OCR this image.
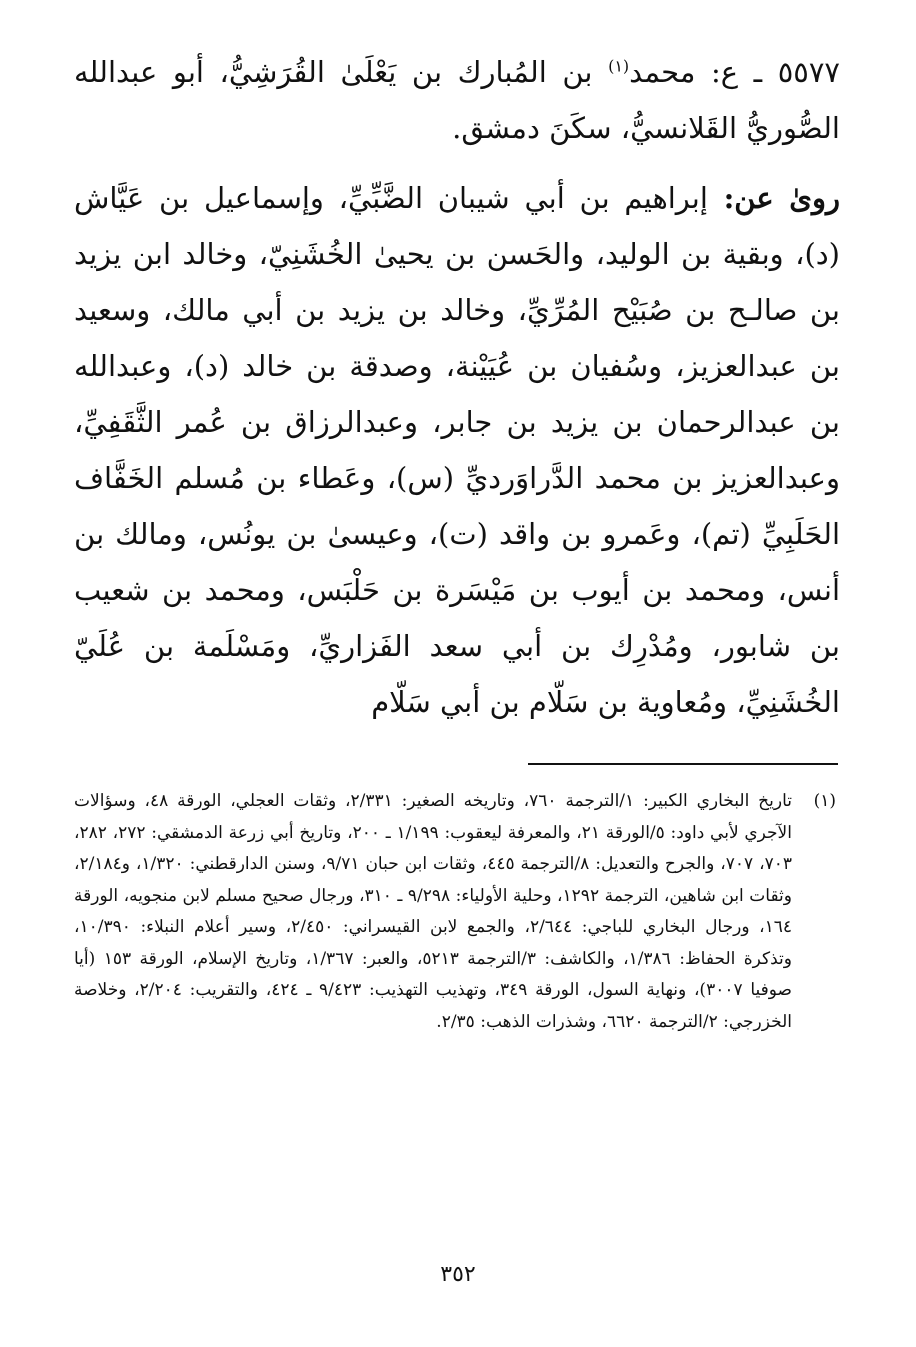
٥٥٧٧ ـ ع: محمد$^{(١)}$ بن المُبارك بن يَعْلَىٰ القُرَشِيُّ، أبو عبدالله الصُّوريُّ القَلانسيُّ، سكَنَ دمشق.

روىٰ عن: إبراهيم بن أبي شيبان الضَّبِّيِّ، وإسماعيل بن عَيَّاش (د)، وبقية بن الوليد، والحَسن بن يحيىٰ الخُشَنِيّ، وخالد ابن يزيد بن صالـح بن صُبَيْح المُرِّيِّ، وخالد بن يزيد بن أبي مالك، وسعيد بن عبدالعزيز، وسُفيان بن عُيَيْنة، وصدقة بن خالد (د)، وعبدالله بن عبدالرحمان بن يزيد بن جابر، وعبدالرزاق بن عُمر الثَّقَفِيِّ، وعبدالعزيز بن محمد الدَّراوَرديِّ (س)، وعَطاء بن مُسلم الخَفَّاف الحَلَبِيِّ (تم)، وعَمرو بن واقد (ت)، وعيسىٰ بن يونُس، ومالك بن أنس، ومحمد بن أيوب بن مَيْسَرة بن حَلْبَس، ومحمد بن شعيب بن شابور، ومُدْرِك بن أبي سعد الفَزاريِّ، ومَسْلَمة بن عُلَيّ الخُشَنِيِّ، ومُعاوية بن سَلّام بن أبي سَلّام

(١)
تاريخ البخاري الكبير: ١/الترجمة ٧٦٠، وتاريخه الصغير: ٢/٣٣١، وثقات العجلي، الورقة ٤٨، وسؤالات الآجري لأبي داود: ٥/الورقة ٢١، والمعرفة ليعقوب: ١/١٩٩ ـ ٢٠٠، وتاريخ أبي زرعة الدمشقي: ٢٧٢، ٢٨٢، ٧٠٣، ٧٠٧، والجرح والتعديل: ٨/الترجمة ٤٤٥، وثقات ابن حبان ٩/٧١، وسنن الدارقطني: ١/٣٢٠، و٢/١٨٤، وثقات ابن شاهين، الترجمة ١٢٩٢، وحلية الأولياء: ٩/٢٩٨ ـ ٣١٠، ورجال صحيح مسلم لابن منجويه، الورقة ١٦٤، ورجال البخاري للباجي: ٢/٦٤٤، والجمع لابن القيسراني: ٢/٤٥٠، وسير أعلام النبلاء: ١٠/٣٩٠، وتذكرة الحفاظ: ١/٣٨٦، والكاشف: ٣/الترجمة ٥٢١٣، والعبر: ١/٣٦٧، وتاريخ الإسلام، الورقة ١٥٣ (أيا صوفيا ٣٠٠٧)، ونهاية السول، الورقة ٣٤٩، وتهذيب التهذيب: ٩/٤٢٣ ـ ٤٢٤، والتقريب: ٢/٢٠٤، وخلاصة الخزرجي: ٢/الترجمة ٦٦٢٠، وشذرات الذهب: ٢/٣٥.
٣٥٢
